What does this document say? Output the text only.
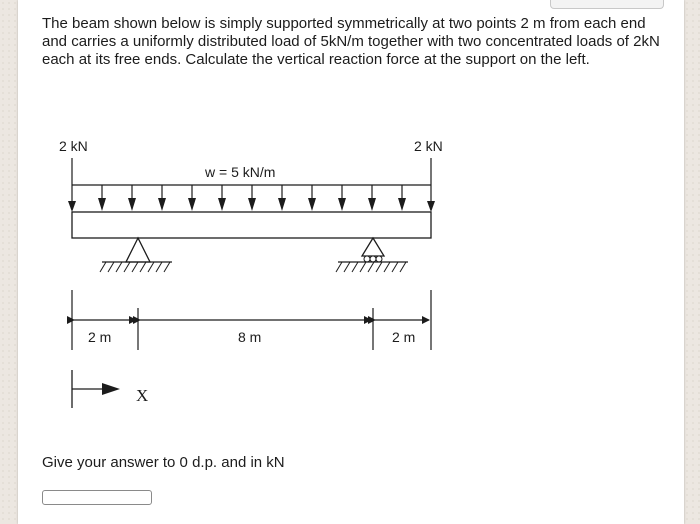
The beam shown below is simply supported symmetrically at two points 2 m from each end and carries a uniformly distributed load of 5kN/m together with two concentrated loads of 2kN each at its free ends. Calculate the vertical reaction force at the support on the left.

2 kN	2 kN
w = 5 kN/m
2 m	8 m	2 m
X

Give your answer to 0 d.p. and in kN
